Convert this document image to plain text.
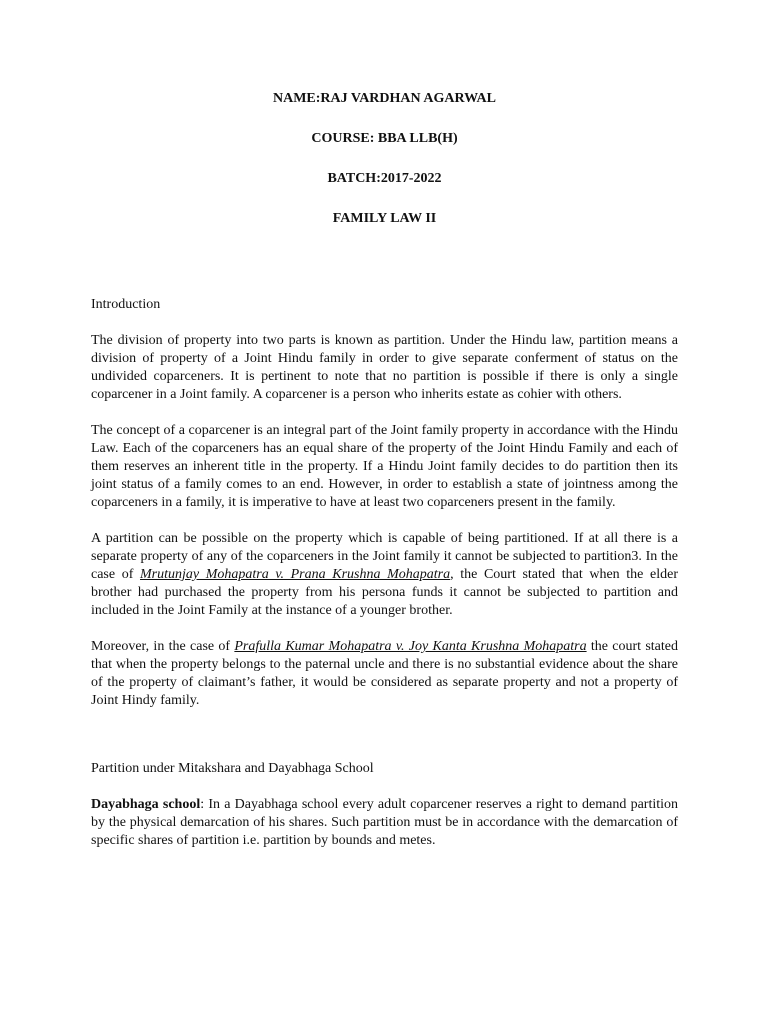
NAME:RAJ VARDHAN AGARWAL
COURSE: BBA LLB(H)
BATCH:2017-2022
FAMILY LAW II
Introduction

The division of property into two parts is known as partition. Under the Hindu law, partition means a division of property of a Joint Hindu family in order to give separate conferment of status on the undivided coparceners. It is pertinent to note that no partition is possible if there is only a single coparcener in a Joint family. A coparcener is a person who inherits estate as cohier with others.

The concept of a coparcener is an integral part of the Joint family property in accordance with the Hindu Law. Each of the coparceners has an equal share of the property of the Joint Hindu Family and each of them reserves an inherent title in the property. If a Hindu Joint family decides to do partition then its joint status of a family comes to an end. However, in order to establish a state of jointness among the coparceners in a family, it is imperative to have at least two coparceners present in the family.

A partition can be possible on the property which is capable of being partitioned. If at all there is a separate property of any of the coparceners in the Joint family it cannot be subjected to partition3. In the case of Mrutunjay Mohapatra v. Prana Krushna Mohapatra, the Court stated that when the elder brother had purchased the property from his persona funds it cannot be subjected to partition and included in the Joint Family at the instance of a younger brother.

Moreover, in the case of Prafulla Kumar Mohapatra v. Joy Kanta Krushna Mohapatra the court stated that when the property belongs to the paternal uncle and there is no substantial evidence about the share of the property of claimant’s father, it would be considered as separate property and not a property of Joint Hindy family.

Partition under Mitakshara and Dayabhaga School

Dayabhaga school: In a Dayabhaga school every adult coparcener reserves a right to demand partition by the physical demarcation of his shares. Such partition must be in accordance with the demarcation of specific shares of partition i.e. partition by bounds and metes.
